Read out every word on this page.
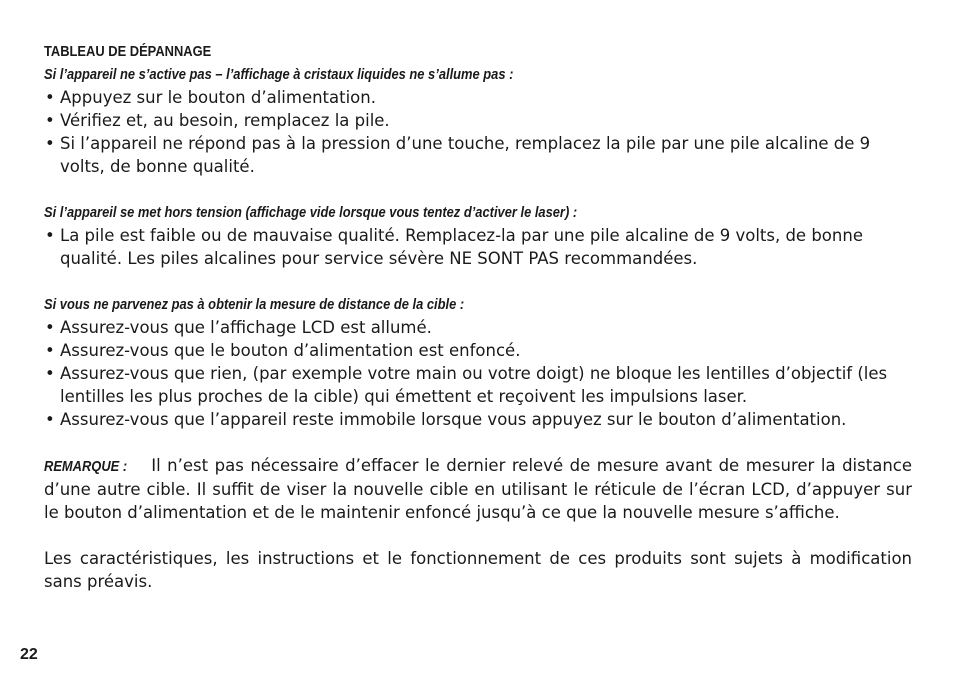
TABLEAU DE DÉPANNAGE
Si l’appareil ne s’active pas – l’affichage à cristaux liquides ne s’allume pas :
• Appuyez sur le bouton d’alimentation.
• Vérifiez et, au besoin, remplacez la pile.
• Si l’appareil ne répond pas à la pression d’une touche, remplacez la pile par une pile alcaline de 9 volts, de bonne qualité.
Si l’appareil se met hors tension (affichage vide lorsque vous tentez d’activer le laser) :
• La pile est faible ou de mauvaise qualité. Remplacez-la par une pile alcaline de 9 volts, de bonne qualité. Les piles alcalines pour service sévère NE SONT PAS recommandées.
Si vous ne parvenez pas à obtenir la mesure de distance de la cible :
• Assurez-vous que l’affichage LCD est allumé.
• Assurez-vous que le bouton d’alimentation est enfoncé.
• Assurez-vous que rien, (par exemple votre main ou votre doigt) ne bloque les lentilles d’objectif (les lentilles les plus proches de la cible) qui émettent et reçoivent les impulsions laser.
• Assurez-vous que l’appareil reste immobile lorsque vous appuyez sur le bouton d’alimentation.

REMARQUE : Il n’est pas nécessaire d’effacer le dernier relevé de mesure avant de mesurer la distance d’une autre cible. Il suffit de viser la nouvelle cible en utilisant le réticule de l’écran LCD, d’appuyer sur le bouton d’alimentation et de le maintenir enfoncé jusqu’à ce que la nouvelle mesure s’affiche.

Les caractéristiques, les instructions et le fonctionnement de ces produits sont sujets à modification sans préavis.

22
